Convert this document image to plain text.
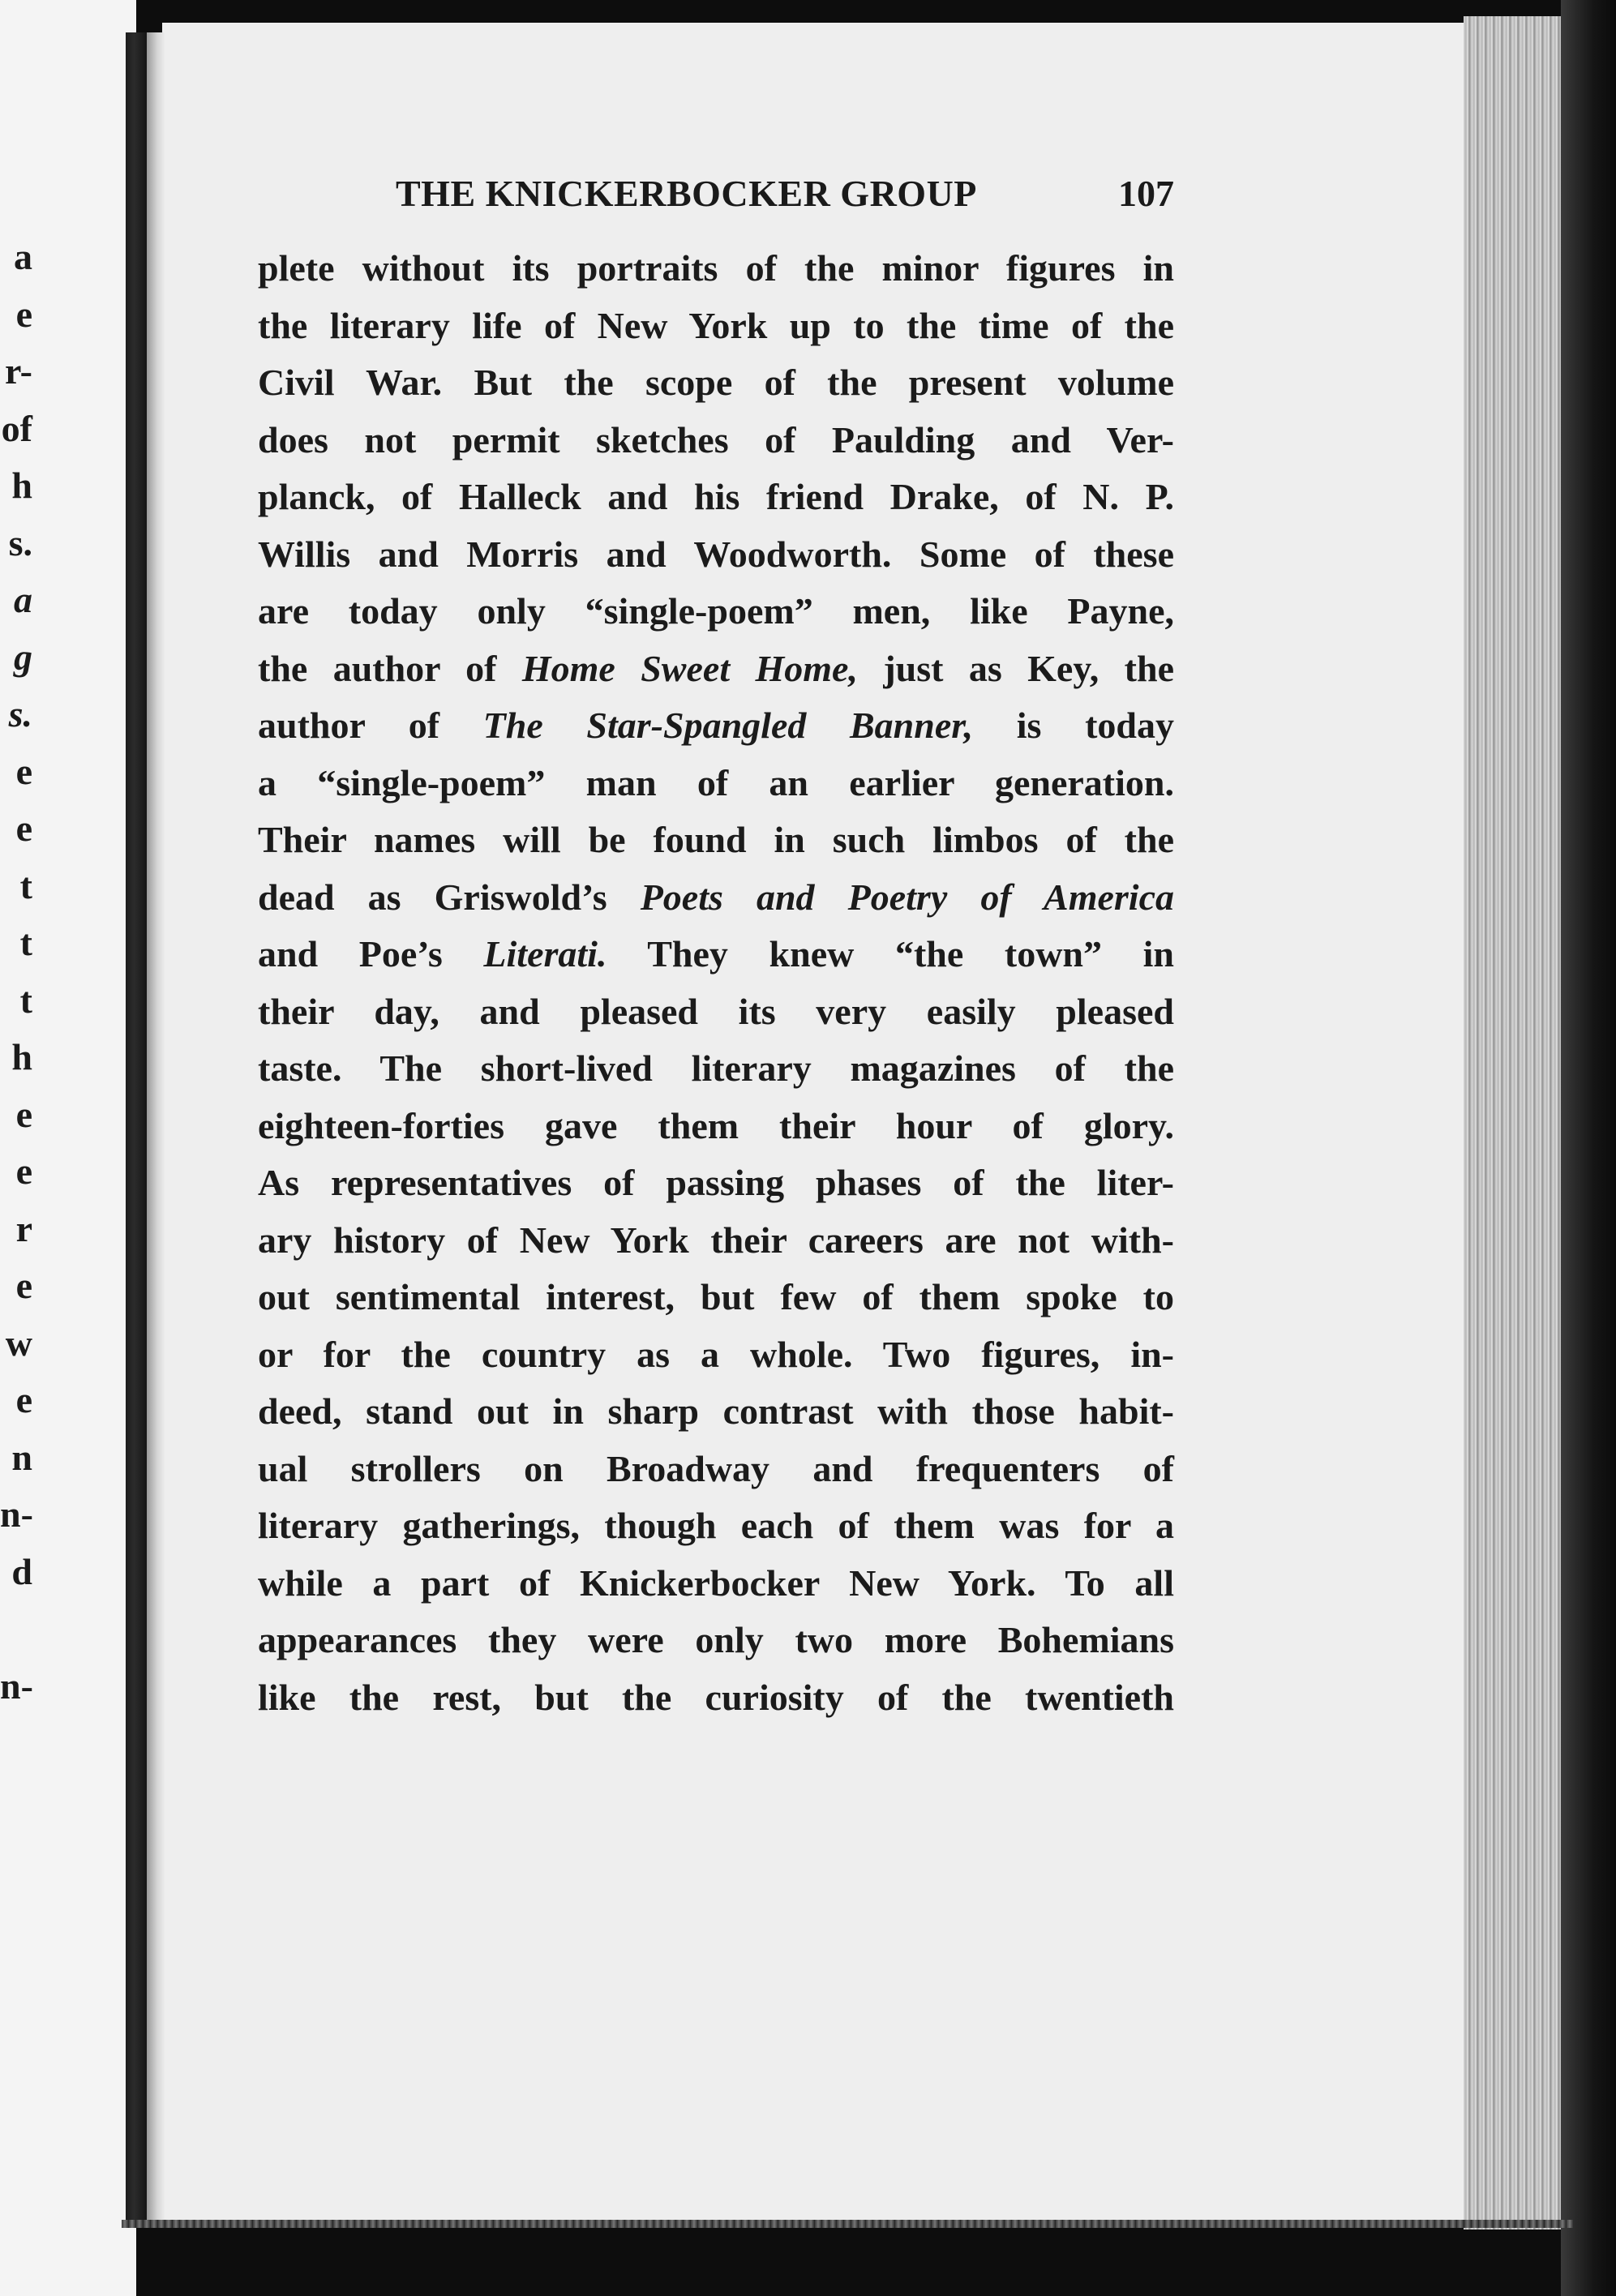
a
e
r-
of
h
s.
a
g
s.
e
e
t
t
t
h
e
e
r
e
w
e
n
n-
d
n-
THE KNICKERBOCKER GROUP	107
plete without its portraits of the minor figures in
the literary life of New York up to the time of the
Civil War. But the scope of the present volume
does not permit sketches of Paulding and Ver-
planck, of Halleck and his friend Drake, of N. P.
Willis and Morris and Woodworth. Some of these
are today only “single-poem” men, like Payne,
the author of Home Sweet Home, just as Key, the
author of The Star-Spangled Banner, is today
a “single-poem” man of an earlier generation.
Their names will be found in such limbos of the
dead as Griswold’s Poets and Poetry of America
and Poe’s Literati. They knew “the town” in
their day, and pleased its very easily pleased
taste. The short-lived literary magazines of the
eighteen-forties gave them their hour of glory.
As representatives of passing phases of the liter-
ary history of New York their careers are not with-
out sentimental interest, but few of them spoke to
or for the country as a whole. Two figures, in-
deed, stand out in sharp contrast with those habit-
ual strollers on Broadway and frequenters of
literary gatherings, though each of them was for a
while a part of Knickerbocker New York. To all
appearances they were only two more Bohemians
like the rest, but the curiosity of the twentieth
